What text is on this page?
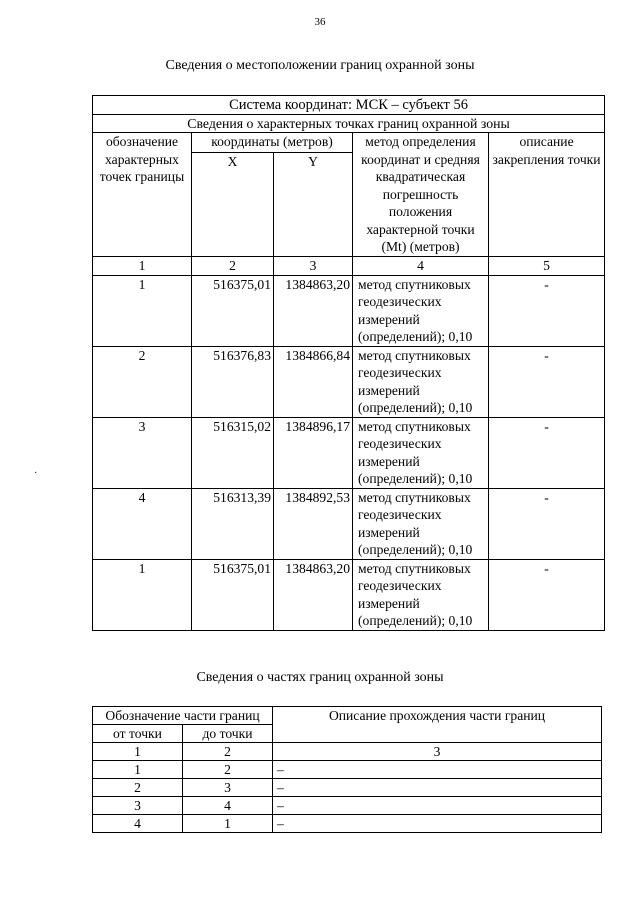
36
Сведения о местоположении границ охранной зоны
Система координат: МСК – субъект 56				
Сведения о характерных точках границ охранной зоны				
обозначение характерных точек границы	координаты (метров)		метод определения координат и средняя квадратическая погрешность положения характерной точки (Mt) (метров)	описание закрепления точки
	X	Y		
1	2	3	4	5
1	516375,01	1384863,20	метод спутниковых геодезических измерений (определений); 0,10	-
2	516376,83	1384866,84	метод спутниковых геодезических измерений (определений); 0,10	-
3	516315,02	1384896,17	метод спутниковых геодезических измерений (определений); 0,10	-
4	516313,39	1384892,53	метод спутниковых геодезических измерений (определений); 0,10	-
1	516375,01	1384863,20	метод спутниковых геодезических измерений (определений); 0,10	-
Сведения о частях границ охранной зоны
Обозначение части границ		Описание прохождения части границ
от точки	до точки	
1	2	3
1	2	–
2	3	–
3	4	–
4	1	–
·
